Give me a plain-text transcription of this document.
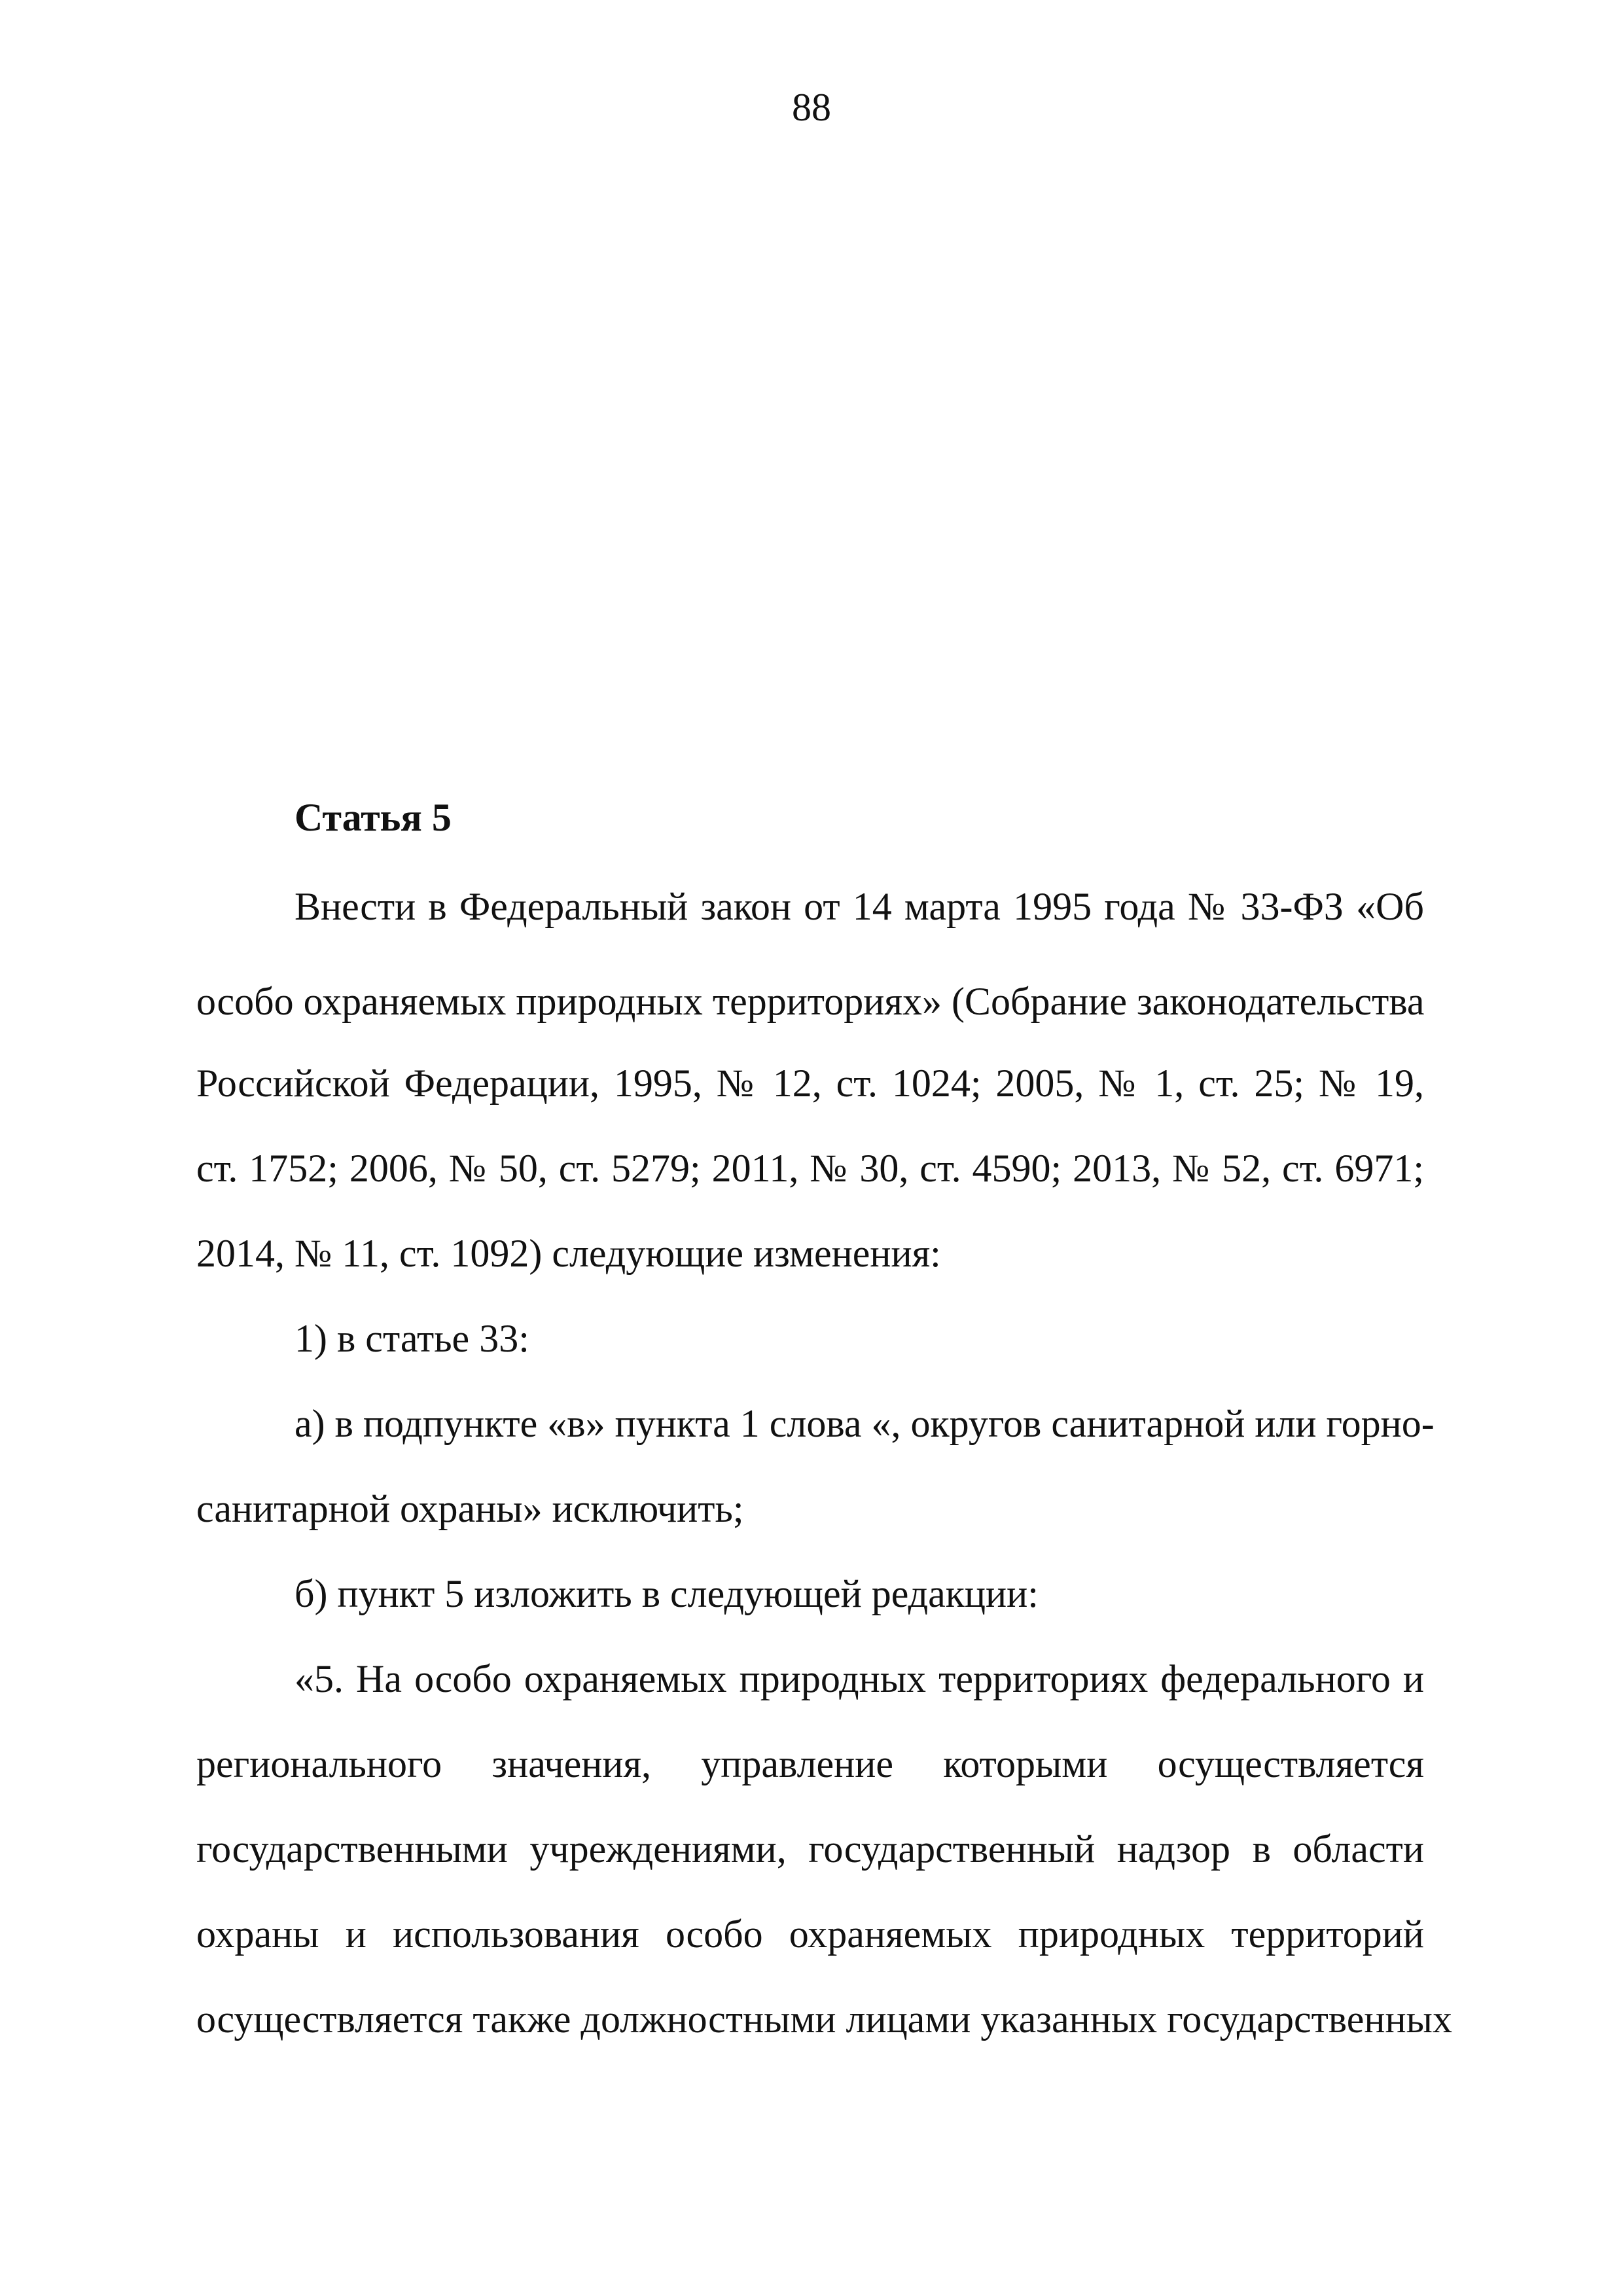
88
Статья 5
Внести в Федеральный закон от 14 марта 1995 года № 33-ФЗ «Об
особо охраняемых природных территориях» (Собрание законодательства
Российской Федерации, 1995, № 12, ст. 1024; 2005, № 1, ст. 25; № 19,
ст. 1752; 2006, № 50, ст. 5279; 2011, № 30, ст. 4590; 2013, № 52, ст. 6971;
2014, № 11, ст. 1092) следующие изменения:
1) в статье 33:
а) в подпункте «в» пункта 1 слова «, округов санитарной или горно-
санитарной охраны» исключить;
б) пункт 5 изложить в следующей редакции:
«5. На особо охраняемых природных территориях федерального и
регионального значения, управление которыми осуществляется
государственными учреждениями, государственный надзор в области
охраны и использования особо охраняемых природных территорий
осуществляется также должностными лицами указанных государственных
